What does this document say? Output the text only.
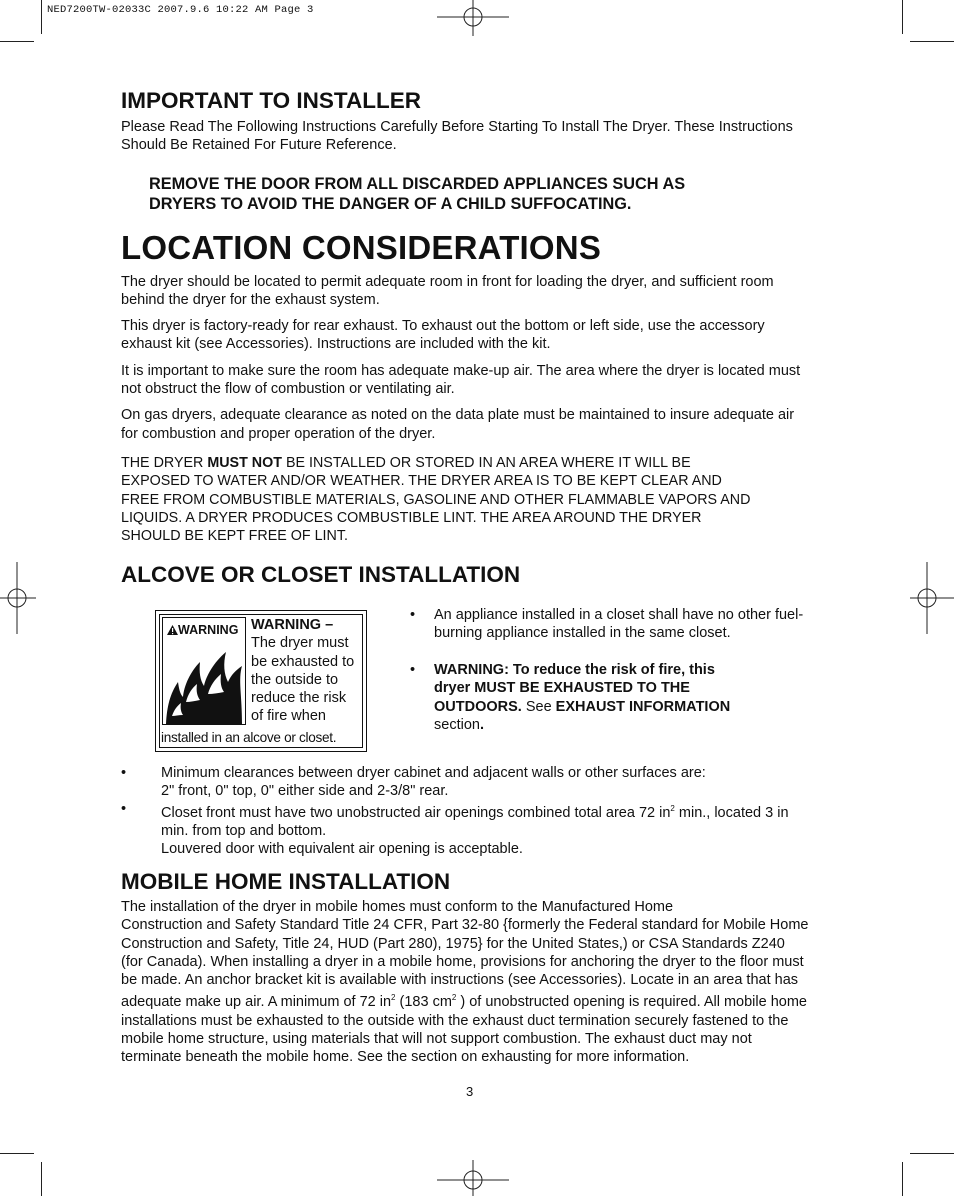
NED7200TW-02033C 2007.9.6 10:22 AM Page 3
IMPORTANT TO INSTALLER

Please Read The Following Instructions Carefully Before Starting To Install The Dryer. These Instructions
Should Be Retained For Future Reference.

REMOVE THE DOOR FROM ALL DISCARDED APPLIANCES SUCH AS
DRYERS TO AVOID THE DANGER OF A CHILD SUFFOCATING.

LOCATION CONSIDERATIONS

The dryer should be located to permit adequate room in front for loading the dryer, and sufficient room
behind the dryer for the exhaust system.

This dryer is factory-ready for rear exhaust. To exhaust out the bottom or left side, use the accessory
exhaust kit (see Accessories). Instructions are included with the kit.

It is important to make sure the room has adequate make-up air. The area where the dryer is located must
not obstruct the flow of combustion or ventilating air.

On gas dryers, adequate clearance as noted on the data plate must be maintained to insure adequate air
for combustion and proper operation of the dryer.

THE DRYER MUST NOT BE INSTALLED OR STORED IN AN AREA WHERE IT WILL BE
EXPOSED TO WATER AND/OR WEATHER. THE DRYER AREA IS TO BE KEPT CLEAR AND
FREE FROM COMBUSTIBLE MATERIALS, GASOLINE AND OTHER FLAMMABLE VAPORS AND
LIQUIDS. A DRYER PRODUCES COMBUSTIBLE LINT. THE AREA AROUND THE DRYER
SHOULD BE KEPT FREE OF LINT.

ALCOVE OR CLOSET INSTALLATION
WARNING WARNING –
The dryer must
be exhausted to
the outside to
reduce the risk
of fire when
installed in an alcove or closet.
• An appliance installed in a closet shall have no other fuel-
burning appliance installed in the same closet.
• WARNING: To reduce the risk of fire, this
dryer MUST BE EXHAUSTED TO THE
OUTDOORS. See EXHAUST INFORMATION
section.
• Minimum clearances between dryer cabinet and adjacent walls or other surfaces are:
2" front, 0" top, 0" either side and 2-3/8" rear.
• Closet front must have two unobstructed air openings combined total area 72 $in^2$ min., located 3 in
min. from top and bottom.
Louvered door with equivalent air opening is acceptable.
MOBILE HOME INSTALLATION

The installation of the dryer in mobile homes must conform to the Manufactured Home
Construction and Safety Standard Title 24 CFR, Part 32-80 {formerly the Federal standard for Mobile Home
Construction and Safety, Title 24, HUD (Part 280), 1975} for the United States,) or CSA Standards Z240
(for Canada). When installing a dryer in a mobile home, provisions for anchoring the dryer to the floor must
be made. An anchor bracket kit is available with instructions (see Accessories). Locate in an area that has
adequate make up air. A minimum of 72 $in^2$ (183 $cm^2$ ) of unobstructed opening is required. All mobile home
installations must be exhausted to the outside with the exhaust duct termination securely fastened to the
mobile home structure, using materials that will not support combustion. The exhaust duct may not
terminate beneath the mobile home. See the section on exhausting for more information.

3
